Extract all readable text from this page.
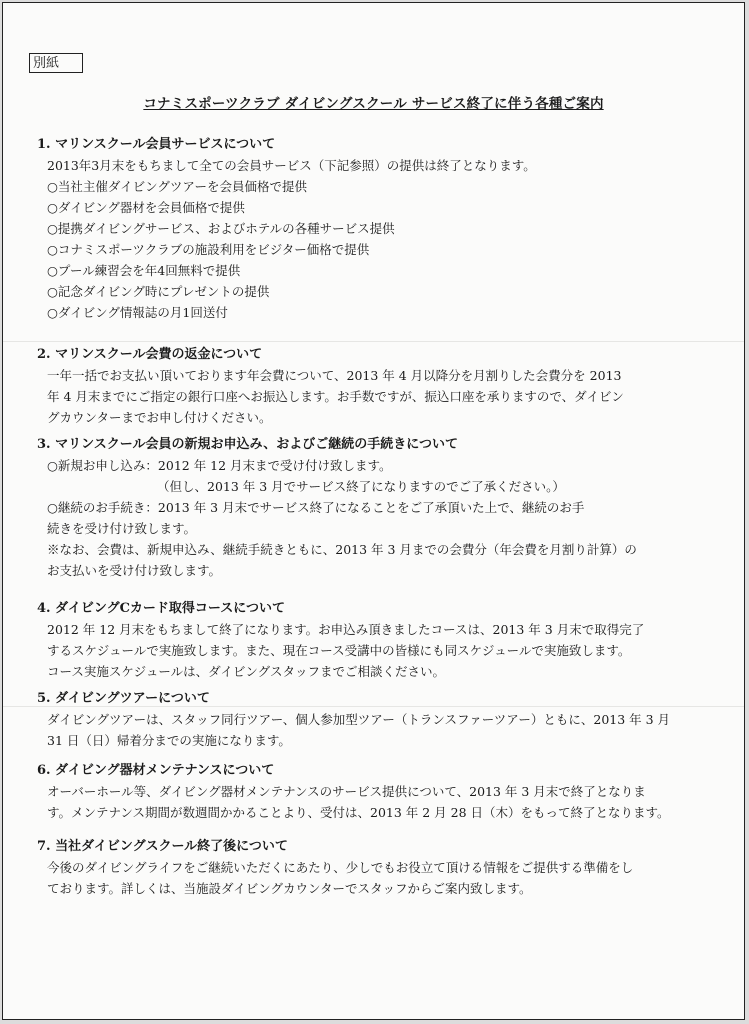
別紙
コナミスポーツクラブ ダイビングスクール サービス終了に伴う各種ご案内
1. マリンスクール会員サービスについて

2013年3月末をもちまして全ての会員サービス（下記参照）の提供は終了となります。

○当社主催ダイビングツアーを会員価格で提供
○ダイビング器材を会員価格で提供
○提携ダイビングサービス、およびホテルの各種サービス提供
○コナミスポーツクラブの施設利用をビジター価格で提供
○プール練習会を年4回無料で提供
○記念ダイビング時にプレゼントの提供
○ダイビング情報誌の月1回送付
2. マリンスクール会費の返金について

一年一括でお支払い頂いております年会費について、2013 年 4 月以降分を月割りした会費分を 2013

年 4 月末までにご指定の銀行口座へお振込します。お手数ですが、振込口座を承りますので、ダイビン

グカウンターまでお申し付けください。

3. マリンスクール会員の新規お申込み、およびご継続の手続きについて

○新規お申し込み：2012 年 12 月末まで受け付け致します。

（但し、2013 年 3 月でサービス終了になりますのでご了承ください。）

○継続のお手続き：2013 年 3 月末でサービス終了になることをご了承頂いた上で、継続のお手

続きを受け付け致します。

※なお、会費は、新規申込み、継続手続きともに、2013 年 3 月までの会費分（年会費を月割り計算）の

お支払いを受け付け致します。

4. ダイビングCカード取得コースについて

2012 年 12 月末をもちまして終了になります。お申込み頂きましたコースは、2013 年 3 月末で取得完了

するスケジュールで実施致します。また、現在コース受講中の皆様にも同スケジュールで実施致します。

コース実施スケジュールは、ダイビングスタッフまでご相談ください。

5. ダイビングツアーについて

ダイビングツアーは、スタッフ同行ツアー、個人参加型ツアー（トランスファーツアー）ともに、2013 年 3 月

31 日（日）帰着分までの実施になります。

6. ダイビング器材メンテナンスについて

オーバーホール等、ダイビング器材メンテナンスのサービス提供について、2013 年 3 月末で終了となりま

す。メンテナンス期間が数週間かかることより、受付は、2013 年 2 月 28 日（木）をもって終了となります。

7. 当社ダイビングスクール終了後について

今後のダイビングライフをご継続いただくにあたり、少しでもお役立て頂ける情報をご提供する準備をし

ております。詳しくは、当施設ダイビングカウンターでスタッフからご案内致します。
